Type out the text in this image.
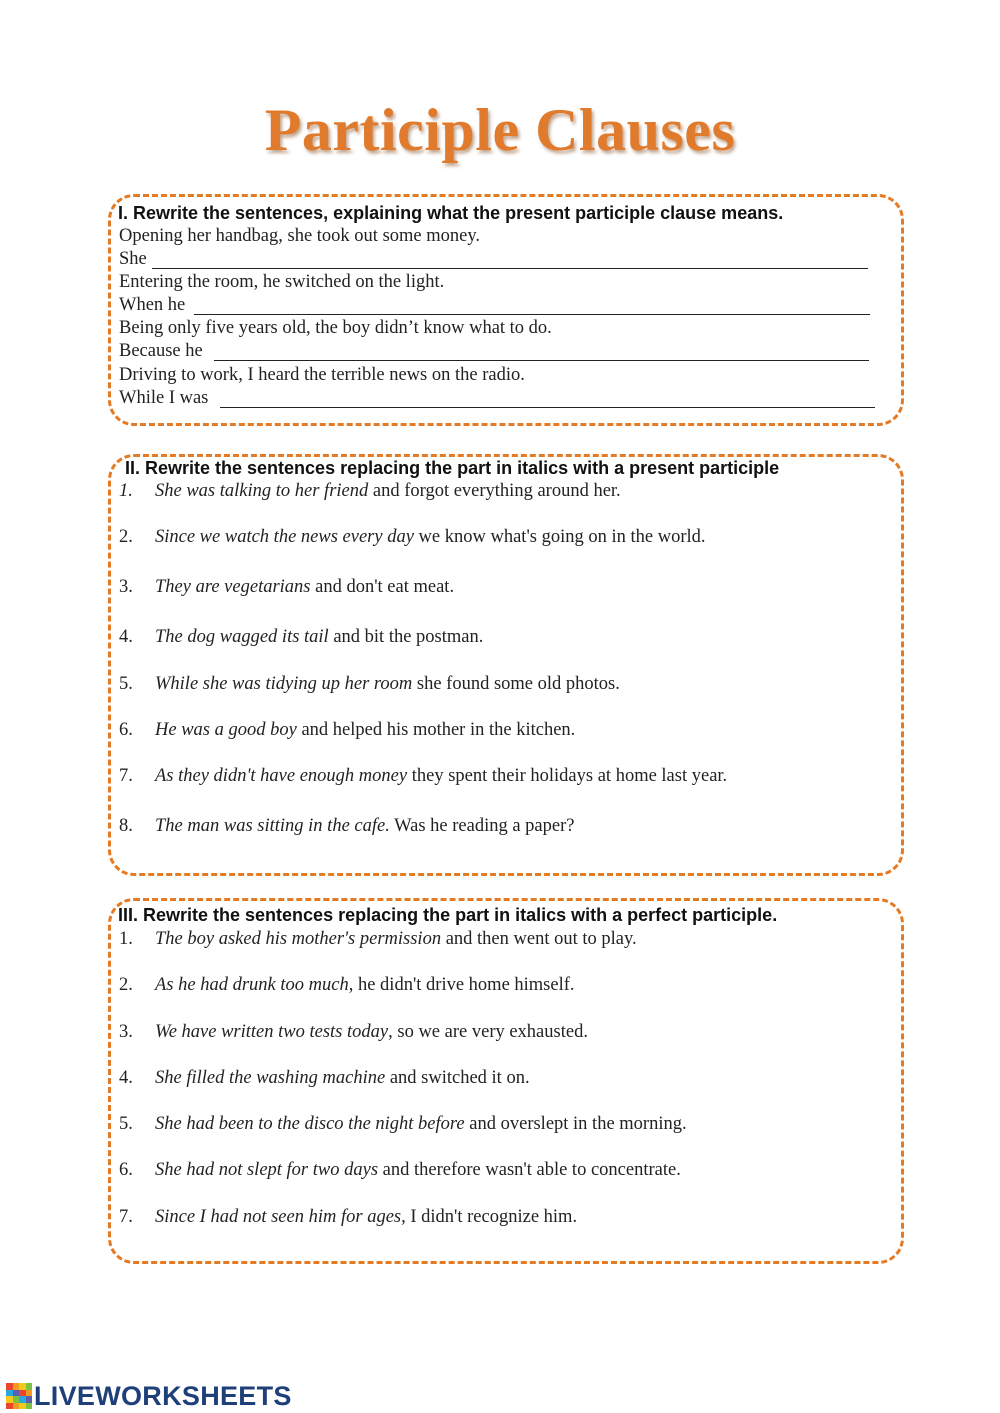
Participle Clauses
I. Rewrite the sentences, explaining what the present participle clause means.
Opening her handbag, she took out some money.
She
Entering the room, he switched on the light.
When he
Being only five years old, the boy didn’t know what to do.
Because he
Driving to work, I heard the terrible news on the radio.
While I was
II. Rewrite the sentences replacing the part in italics with a present participle
1. She was talking to her friend and forgot everything around her.
2. Since we watch the news every day we know what's going on in the world.
3. They are vegetarians and don't eat meat.
4. The dog wagged its tail and bit the postman.
5. While she was tidying up her room she found some old photos.
6. He was a good boy and helped his mother in the kitchen.
7. As they didn't have enough money they spent their holidays at home last year.
8. The man was sitting in the cafe. Was he reading a paper?
III. Rewrite the sentences replacing the part in italics with a perfect participle.
1. The boy asked his mother's permission and then went out to play.
2. As he had drunk too much, he didn't drive home himself.
3. We have written two tests today, so we are very exhausted.
4. She filled the washing machine and switched it on.
5. She had been to the disco the night before and overslept in the morning.
6. She had not slept for two days and therefore wasn't able to concentrate.
7. Since I had not seen him for ages, I didn't recognize him.
LIVEWORKSHEETS
